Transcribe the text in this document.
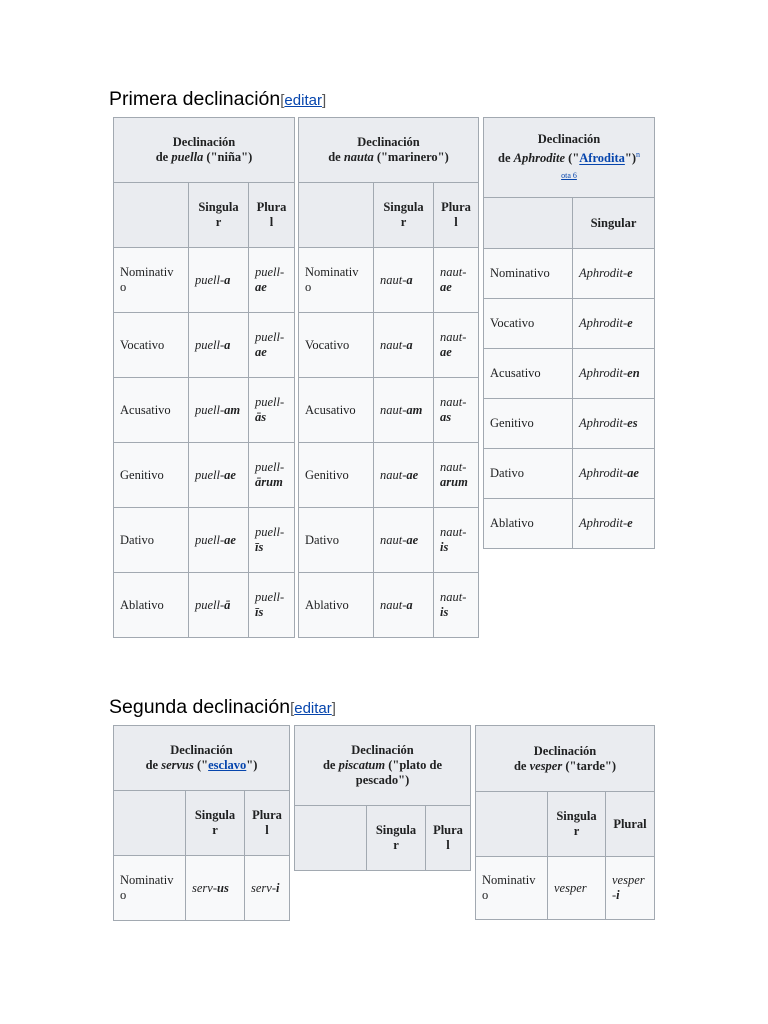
Primera declinación[editar]
Declinación
de puella ("niña")		
	Singula r	Plura l
Nominativ o	puell-a	puell-ae
Vocativo	puell-a	puell-ae
Acusativo	puell-am	puell-ās
Genitivo	puell-ae	puell-ārum
Dativo	puell-ae	puell-īs
Ablativo	puell-ā	puell-īs
Declinación
de nauta ("marinero")		
	Singula r	Plura l
Nominativ o	naut-a	naut-ae
Vocativo	naut-a	naut-ae
Acusativo	naut-am	naut-as
Genitivo	naut-ae	naut-arum
Dativo	naut-ae	naut-is
Ablativo	naut-a	naut-is
Declinación
de Aphrodite ("Afrodita")$^n$
ota 6	
	Singular
Nominativo	Aphrodit-e
Vocativo	Aphrodit-e
Acusativo	Aphrodit-en
Genitivo	Aphrodit-es
Dativo	Aphrodit-ae
Ablativo	Aphrodit-e
Segunda declinación[editar]
Declinación
de servus ("esclavo")		
	Singula r	Plura l
Nominativ o	serv-us	serv-i
Declinación
de piscatum ("plato de
pescado")
	Singula r	Plura l
Declinación
de vesper ("tarde")		
	Singula r	Plural
Nominativ o	vesper	vesper -i
